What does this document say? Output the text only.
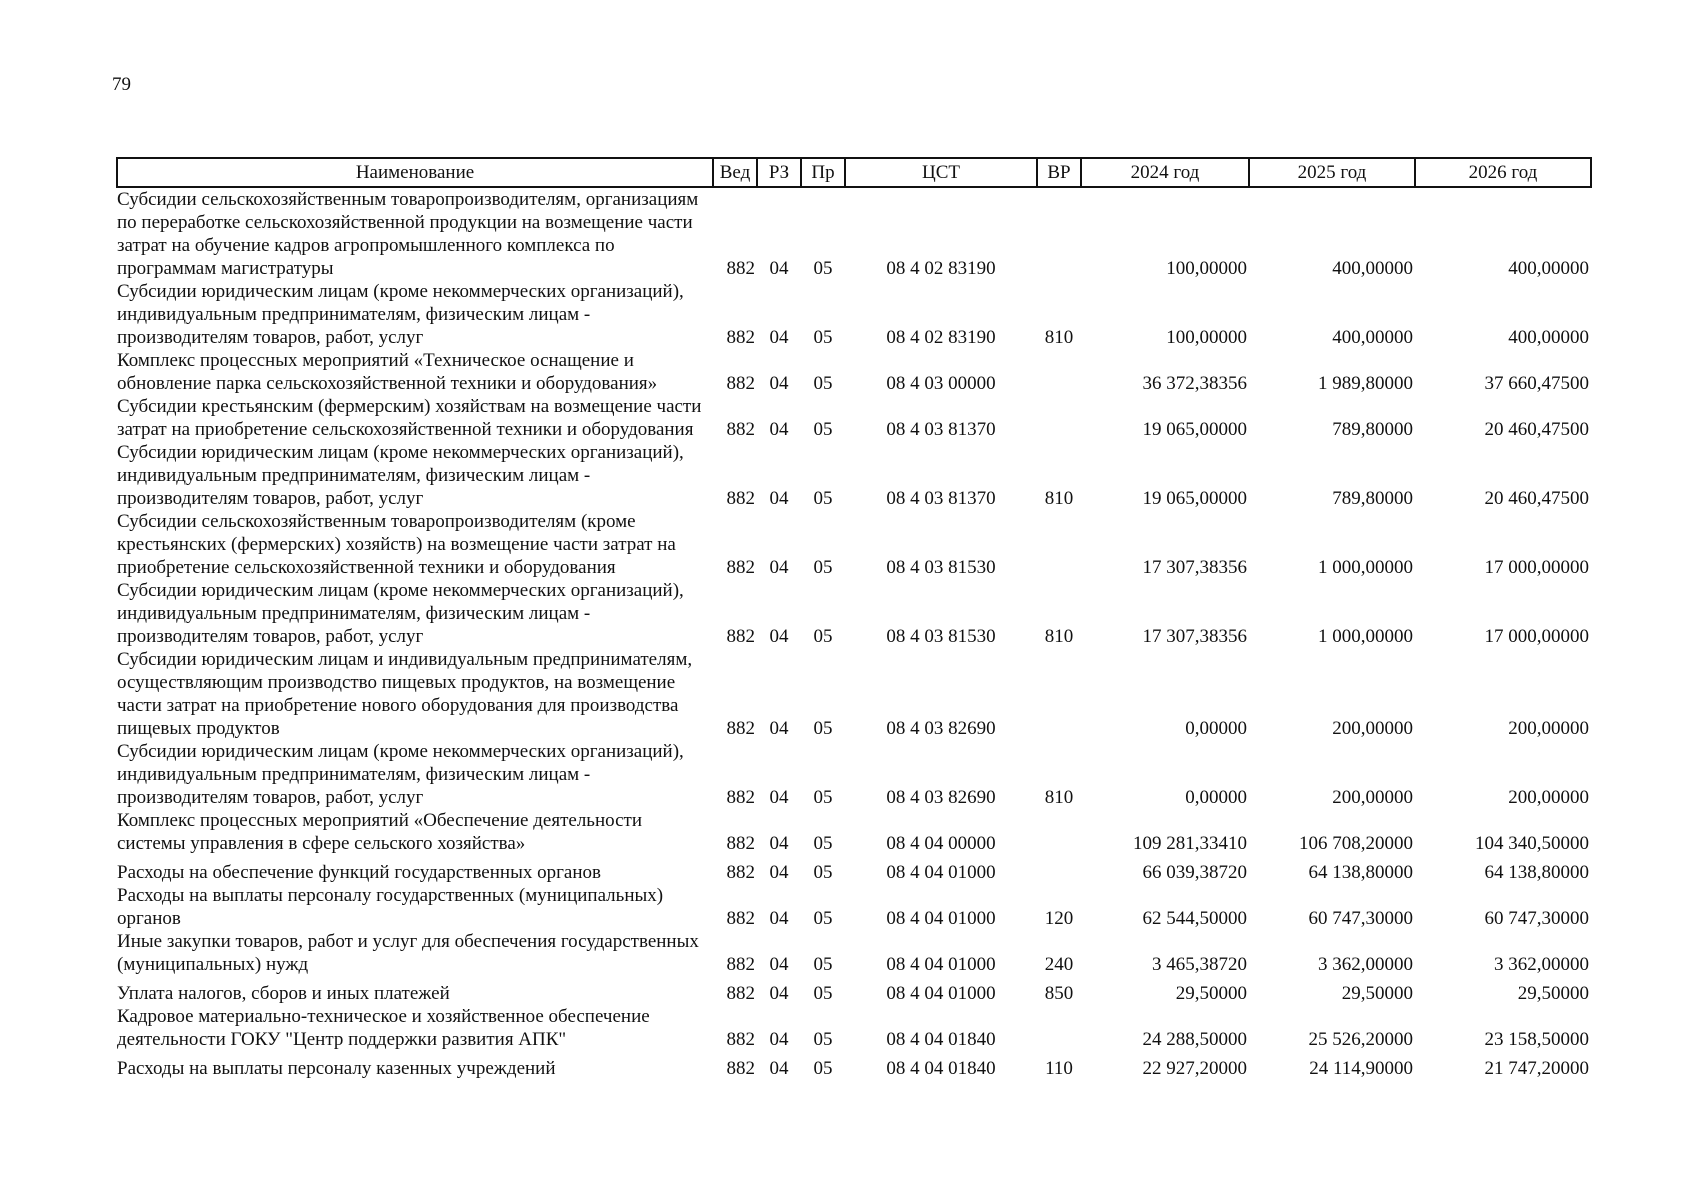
79
Наименование	Вед	РЗ	Пр	ЦСТ	ВР	2024 год	2025 год	2026 год
Субсидии сельскохозяйственным товаропроизводителям, организациям по переработке сельскохозяйственной продукции на возмещение части затрат на обучение кадров агропромышленного комплекса по программам магистратуры	882	04	05	08 4 02 83190		100,00000	400,00000	400,00000
Субсидии юридическим лицам (кроме некоммерческих организаций), индивидуальным предпринимателям, физическим лицам - производителям товаров, работ, услуг	882	04	05	08 4 02 83190	810	100,00000	400,00000	400,00000
Комплекс процессных мероприятий «Техническое оснащение и обновление парка сельскохозяйственной техники и оборудования»	882	04	05	08 4 03 00000		36 372,38356	1 989,80000	37 660,47500
Субсидии крестьянским (фермерским) хозяйствам на возмещение части затрат на приобретение сельскохозяйственной техники и оборудования	882	04	05	08 4 03 81370		19 065,00000	789,80000	20 460,47500
Субсидии юридическим лицам (кроме некоммерческих организаций), индивидуальным предпринимателям, физическим лицам - производителям товаров, работ, услуг	882	04	05	08 4 03 81370	810	19 065,00000	789,80000	20 460,47500
Субсидии сельскохозяйственным товаропроизводителям (кроме крестьянских (фермерских) хозяйств) на возмещение части затрат на приобретение сельскохозяйственной техники и оборудования	882	04	05	08 4 03 81530		17 307,38356	1 000,00000	17 000,00000
Субсидии юридическим лицам (кроме некоммерческих организаций), индивидуальным предпринимателям, физическим лицам - производителям товаров, работ, услуг	882	04	05	08 4 03 81530	810	17 307,38356	1 000,00000	17 000,00000
Субсидии юридическим лицам и индивидуальным предпринимателям, осуществляющим производство пищевых продуктов, на возмещение части затрат на приобретение нового оборудования для производства пищевых продуктов	882	04	05	08 4 03 82690		0,00000	200,00000	200,00000
Субсидии юридическим лицам (кроме некоммерческих организаций), индивидуальным предпринимателям, физическим лицам - производителям товаров, работ, услуг	882	04	05	08 4 03 82690	810	0,00000	200,00000	200,00000
Комплекс процессных мероприятий «Обеспечение деятельности системы управления в сфере сельского хозяйства»	882	04	05	08 4 04 00000		109 281,33410	106 708,20000	104 340,50000
Расходы на обеспечение функций государственных органов	882	04	05	08 4 04 01000		66 039,38720	64 138,80000	64 138,80000
Расходы на выплаты персоналу государственных (муниципальных) органов	882	04	05	08 4 04 01000	120	62 544,50000	60 747,30000	60 747,30000
Иные закупки товаров, работ и услуг для обеспечения государственных (муниципальных) нужд	882	04	05	08 4 04 01000	240	3 465,38720	3 362,00000	3 362,00000
Уплата налогов, сборов и иных платежей	882	04	05	08 4 04 01000	850	29,50000	29,50000	29,50000
Кадровое материально-техническое и хозяйственное обеспечение деятельности ГОКУ "Центр поддержки развития АПК"	882	04	05	08 4 04 01840		24 288,50000	25 526,20000	23 158,50000
Расходы на выплаты персоналу казенных учреждений	882	04	05	08 4 04 01840	110	22 927,20000	24 114,90000	21 747,20000
